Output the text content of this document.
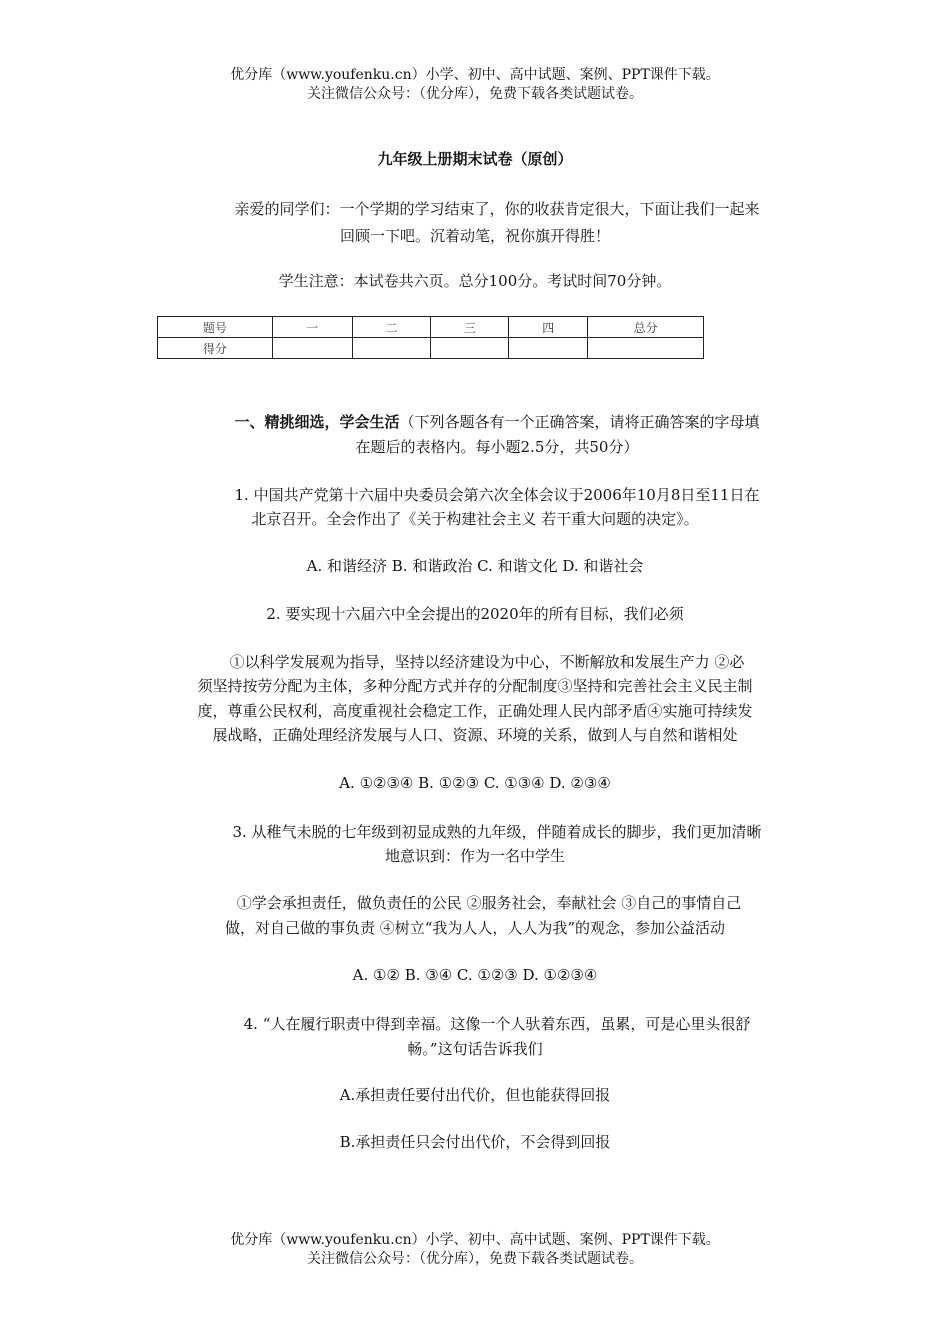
优分库（www.youfenku.cn）小学、初中、高中试题、案例、PPT课件下载。
关注微信公众号：（优分库），免费下载各类试题试卷。
九年级上册期末试卷（原创）
亲爱的同学们：一个学期的学习结束了，你的收获肯定很大，下面让我们一起来
回顾一下吧。沉着动笔，祝你旗开得胜！
学生注意：本试卷共六页。总分100分。考试时间70分钟。
题号	一	二	三	四	总分
得分					
一、精挑细选，学会生活（下列各题各有一个正确答案，请将正确答案的字母填
在题后的表格内。每小题2.5分，共50分）
1. 中国共产党第十六届中央委员会第六次全体会议于2006年10月8日至11日在
北京召开。全会作出了《关于构建社会主义 若干重大问题的决定》。
A. 和谐经济 B. 和谐政治 C. 和谐文化 D. 和谐社会
2. 要实现十六届六中全会提出的2020年的所有目标，我们必须
①以科学发展观为指导，坚持以经济建设为中心，不断解放和发展生产力 ②必
须坚持按劳分配为主体，多种分配方式并存的分配制度③坚持和完善社会主义民主制
度，尊重公民权利，高度重视社会稳定工作，正确处理人民内部矛盾④实施可持续发
展战略，正确处理经济发展与人口、资源、环境的关系，做到人与自然和谐相处
A. ①②③④ B. ①②③ C. ①③④ D. ②③④
3. 从稚气未脱的七年级到初显成熟的九年级，伴随着成长的脚步，我们更加清晰
地意识到：作为一名中学生
①学会承担责任，做负责任的公民 ②服务社会，奉献社会 ③自己的事情自己
做，对自己做的事负责 ④树立“我为人人，人人为我”的观念，参加公益活动
A. ①② B. ③④ C. ①②③ D. ①②③④
4. “人在履行职责中得到幸福。这像一个人驮着东西，虽累，可是心里头很舒
畅。”这句话告诉我们
A.承担责任要付出代价，但也能获得回报
B.承担责任只会付出代价，不会得到回报
优分库（www.youfenku.cn）小学、初中、高中试题、案例、PPT课件下载。
关注微信公众号：（优分库），免费下载各类试题试卷。
